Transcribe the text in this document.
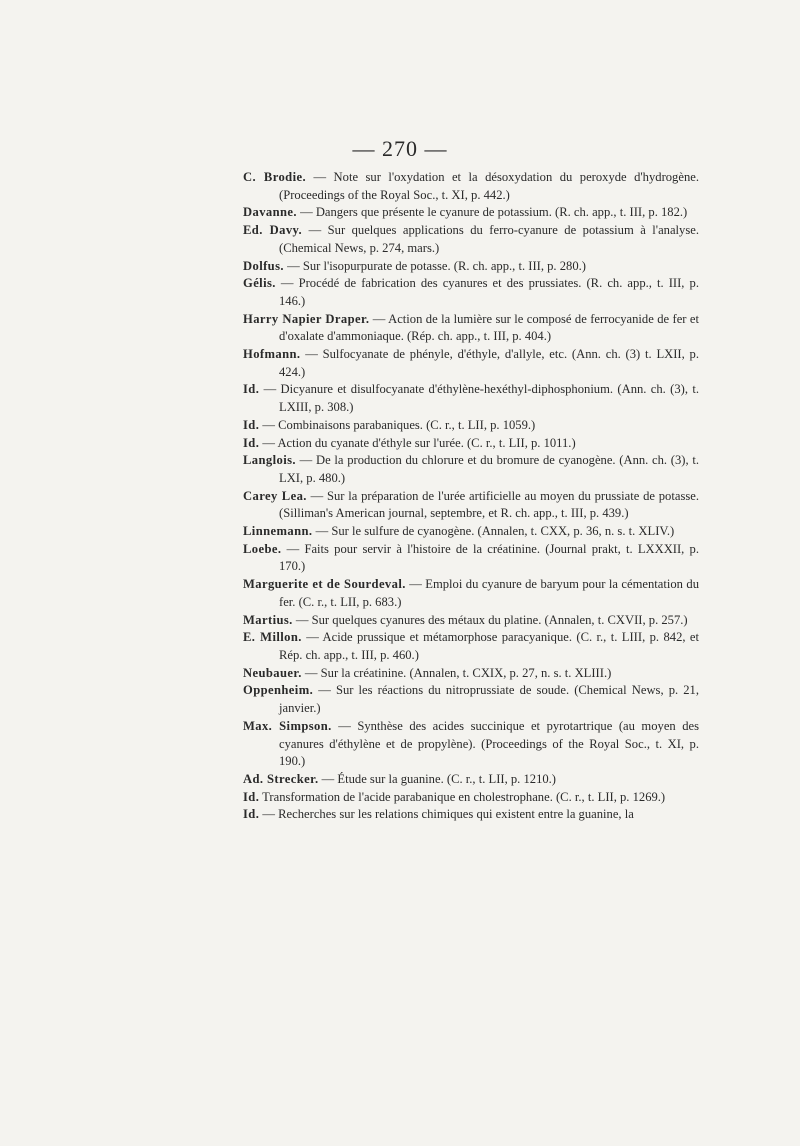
— 270 —
C. Brodie. — Note sur l'oxydation et la désoxydation du peroxyde d'hydrogène. (Proceedings of the Royal Soc., t. XI, p. 442.)
Davanne. — Dangers que présente le cyanure de potassium. (R. ch. app., t. III, p. 182.)
Ed. Davy. — Sur quelques applications du ferro-cyanure de potassium à l'analyse. (Chemical News, p. 274, mars.)
Dolfus. — Sur l'isopurpurate de potasse. (R. ch. app., t. III, p. 280.)
Gélis. — Procédé de fabrication des cyanures et des prussiates. (R. ch. app., t. III, p. 146.)
Harry Napier Draper. — Action de la lumière sur le composé de ferrocyanide de fer et d'oxalate d'ammoniaque. (Rép. ch. app., t. III, p. 404.)
Hofmann. — Sulfocyanate de phényle, d'éthyle, d'allyle, etc. (Ann. ch. (3) t. LXII, p. 424.)
Id. — Dicyanure et disulfocyanate d'éthylène-hexéthyl-diphosphonium. (Ann. ch. (3), t. LXIII, p. 308.)
Id. — Combinaisons parabaniques. (C. r., t. LII, p. 1059.)
Id. — Action du cyanate d'éthyle sur l'urée. (C. r., t. LII, p. 1011.)
Langlois. — De la production du chlorure et du bromure de cyanogène. (Ann. ch. (3), t. LXI, p. 480.)
Carey Lea. — Sur la préparation de l'urée artificielle au moyen du prussiate de potasse. (Silliman's American journal, septembre, et R. ch. app., t. III, p. 439.)
Linnemann. — Sur le sulfure de cyanogène. (Annalen, t. CXX, p. 36, n. s. t. XLIV.)
Loebe. — Faits pour servir à l'histoire de la créatinine. (Journal prakt, t. LXXXII, p. 170.)
Marguerite et de Sourdeval. — Emploi du cyanure de baryum pour la cémentation du fer. (C. r., t. LII, p. 683.)
Martius. — Sur quelques cyanures des métaux du platine. (Annalen, t. CXVII, p. 257.)
E. Millon. — Acide prussique et métamorphose paracyanique. (C. r., t. LIII, p. 842, et Rép. ch. app., t. III, p. 460.)
Neubauer. — Sur la créatinine. (Annalen, t. CXIX, p. 27, n. s. t. XLIII.)
Oppenheim. — Sur les réactions du nitroprussiate de soude. (Chemical News, p. 21, janvier.)
Max. Simpson. — Synthèse des acides succinique et pyrotartrique (au moyen des cyanures d'éthylène et de propylène). (Proceedings of the Royal Soc., t. XI, p. 190.)
Ad. Strecker. — Étude sur la guanine. (C. r., t. LII, p. 1210.)
Id. Transformation de l'acide parabanique en cholestrophane. (C. r., t. LII, p. 1269.)
Id. — Recherches sur les relations chimiques qui existent entre la guanine, la
